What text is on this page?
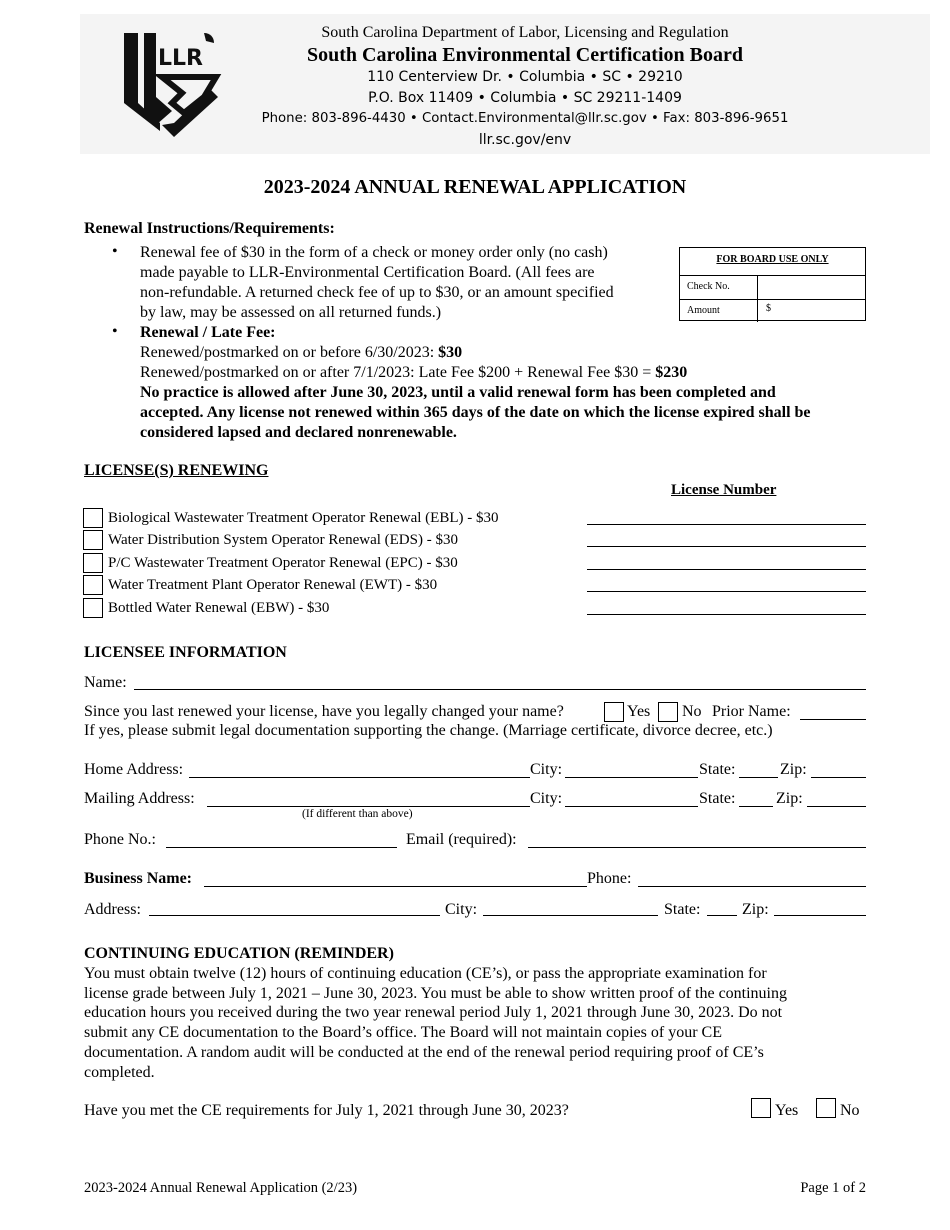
LLR
South Carolina Department of Labor, Licensing and Regulation
South Carolina Environmental Certification Board
110 Centerview Dr. • Columbia • SC • 29210
P.O. Box 11409 • Columbia • SC 29211-1409
Phone: 803-896-4430 • Contact.Environmental@llr.sc.gov • Fax: 803-896-9651
llr.sc.gov/env
2023-2024 ANNUAL RENEWAL APPLICATION
Renewal Instructions/Requirements:
• Renewal fee of $30 in the form of a check or money order only (no cash)
made payable to LLR-Environmental Certification Board. (All fees are
non-refundable. A returned check fee of up to $30, or an amount specified
by law, may be assessed on all returned funds.)
FOR BOARD USE ONLY
Check No.
Amount	$
• Renewal / Late Fee:
Renewed/postmarked on or before 6/30/2023: $30
Renewed/postmarked on or after 7/1/2023: Late Fee $200 + Renewal Fee $30 = $230
No practice is allowed after June 30, 2023, until a valid renewal form has been completed and
accepted. Any license not renewed within 365 days of the date on which the license expired shall be
considered lapsed and declared nonrenewable.
LICENSE(S) RENEWING
License Number
Biological Wastewater Treatment Operator Renewal (EBL) - $30
Water Distribution System Operator Renewal (EDS) - $30
P/C Wastewater Treatment Operator Renewal (EPC) - $30
Water Treatment Plant Operator Renewal (EWT) - $30
Bottled Water Renewal (EBW) - $30
LICENSEE INFORMATION
Name:
Since you last renewed your license, have you legally changed your name?	Yes No Prior Name:
If yes, please submit legal documentation supporting the change. (Marriage certificate, divorce decree, etc.)
Home Address:	City:	State:	Zip:
Mailing Address:	City:	State:	Zip:
(If different than above)
Phone No.:	Email (required):
Business Name:	Phone:
Address:	City:	State:	Zip:
CONTINUING EDUCATION (REMINDER)
You must obtain twelve (12) hours of continuing education (CE’s), or pass the appropriate examination for
license grade between July 1, 2021 – June 30, 2023. You must be able to show written proof of the continuing
education hours you received during the two year renewal period July 1, 2021 through June 30, 2023. Do not
submit any CE documentation to the Board’s office. The Board will not maintain copies of your CE
documentation. A random audit will be conducted at the end of the renewal period requiring proof of CE’s
completed.
Have you met the CE requirements for July 1, 2021 through June 30, 2023?	Yes	No
2023-2024 Annual Renewal Application (2/23)	Page 1 of 2
